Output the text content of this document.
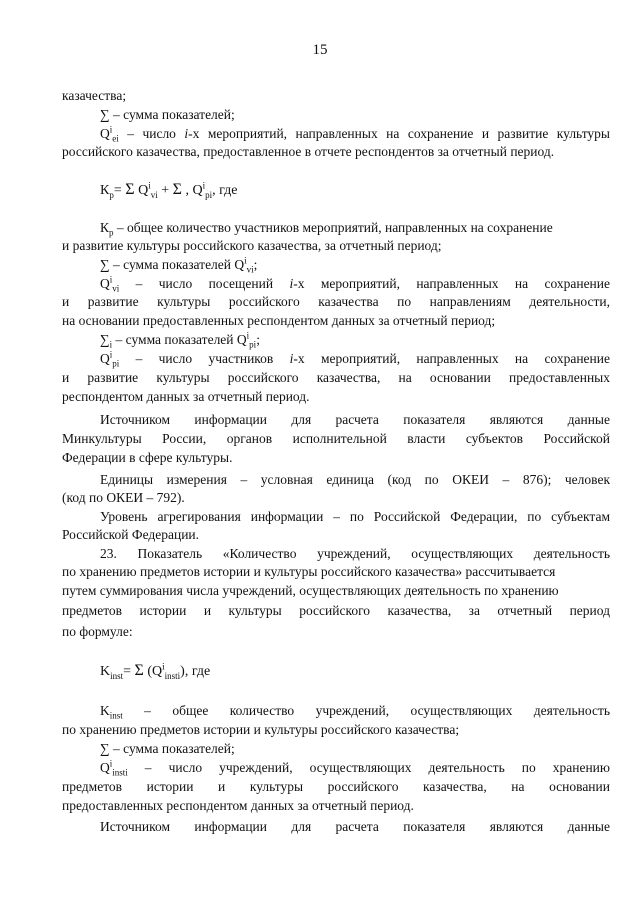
15
казачества;
∑ – сумма показателей;
$Q^i_{ei}$ – число i-х мероприятий, направленных на сохранение и развитие культуры
российского казачества, предоставленное в отчете респондентов за отчетный период.
$К_р= \Sigma$ $Q^i_{vi} + \Sigma$ , $Q^i_{pi}$, где
$К_р$ – общее количество участников мероприятий, направленных на сохранение
и развитие культуры российского казачества, за отчетный период;
∑ – сумма показателей $Q^i_{vi}$;
$Q^i_{vi}$ – число посещений i-х мероприятий, направленных на сохранение
и развитие культуры российского казачества по направлениям деятельности,
на основании предоставленных респондентом данных за отчетный период;
$\sum_i$ – сумма показателей $Q^i_{pi}$;
$Q^i_{pi}$ – число участников i-х мероприятий, направленных на сохранение
и развитие культуры российского казачества, на основании предоставленных
респондентом данных за отчетный период.
Источником информации для расчета показателя являются данные
Минкультуры России, органов исполнительной власти субъектов Российской
Федерации в сфере культуры.
Единицы измерения – условная единица (код по ОКЕИ – 876); человек
(код по ОКЕИ – 792).
Уровень агрегирования информации – по Российской Федерации, по субъектам
Российской Федерации.
23. Показатель «Количество учреждений, осуществляющих деятельность
по хранению предметов истории и культуры российского казачества» рассчитывается
путем суммирования числа учреждений, осуществляющих деятельность по хранению
предметов истории и культуры российского казачества, за отчетный период
по формуле:
$K_{inst}= \Sigma$ $(Q^i_{insti})$, где
$K_{inst}$ – общее количество учреждений, осуществляющих деятельность
по хранению предметов истории и культуры российского казачества;
∑ – сумма показателей;
$Q^i_{insti}$ – число учреждений, осуществляющих деятельность по хранению
предметов истории и культуры российского казачества, на основании
предоставленных респондентом данных за отчетный период.
Источником информации для расчета показателя являются данные
